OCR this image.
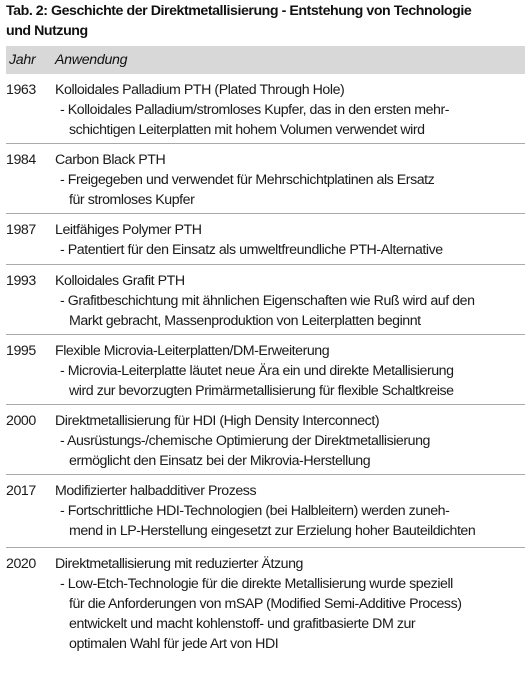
Tab. 2: Geschichte der Direktmetallisierung - Entstehung von Technologie
und Nutzung
Jahr	Anwendung
1963	Kolloidales Palladium PTH (Plated Through Hole)
- Kolloidales Palladium/stromloses Kupfer, das in den ersten mehr-
schichtigen Leiterplatten mit hohem Volumen verwendet wird
1984	Carbon Black PTH
- Freigegeben und verwendet für Mehrschichtplatinen als Ersatz
für stromloses Kupfer
1987	Leitfähiges Polymer PTH
- Patentiert für den Einsatz als umweltfreundliche PTH-Alternative
1993	Kolloidales Grafit PTH
- Grafitbeschichtung mit ähnlichen Eigenschaften wie Ruß wird auf den
Markt gebracht, Massenproduktion von Leiterplatten beginnt
1995	Flexible Microvia-Leiterplatten/DM-Erweiterung
- Microvia-Leiterplatte läutet neue Ära ein und direkte Metallisierung
wird zur bevorzugten Primärmetallisierung für flexible Schaltkreise
2000	Direktmetallisierung für HDI (High Density Interconnect)
- Ausrüstungs-/chemische Optimierung der Direktmetallisierung
ermöglicht den Einsatz bei der Mikrovia-Herstellung
2017	Modifizierter halbadditiver Prozess
- Fortschrittliche HDI-Technologien (bei Halbleitern) werden zuneh-
mend in LP-Herstellung eingesetzt zur Erzielung hoher Bauteildichten
2020	Direktmetallisierung mit reduzierter Ätzung
- Low-Etch-Technologie für die direkte Metallisierung wurde speziell
für die Anforderungen von mSAP (Modified Semi-Additive Process)
entwickelt und macht kohlenstoff- und grafitbasierte DM zur
optimalen Wahl für jede Art von HDI
